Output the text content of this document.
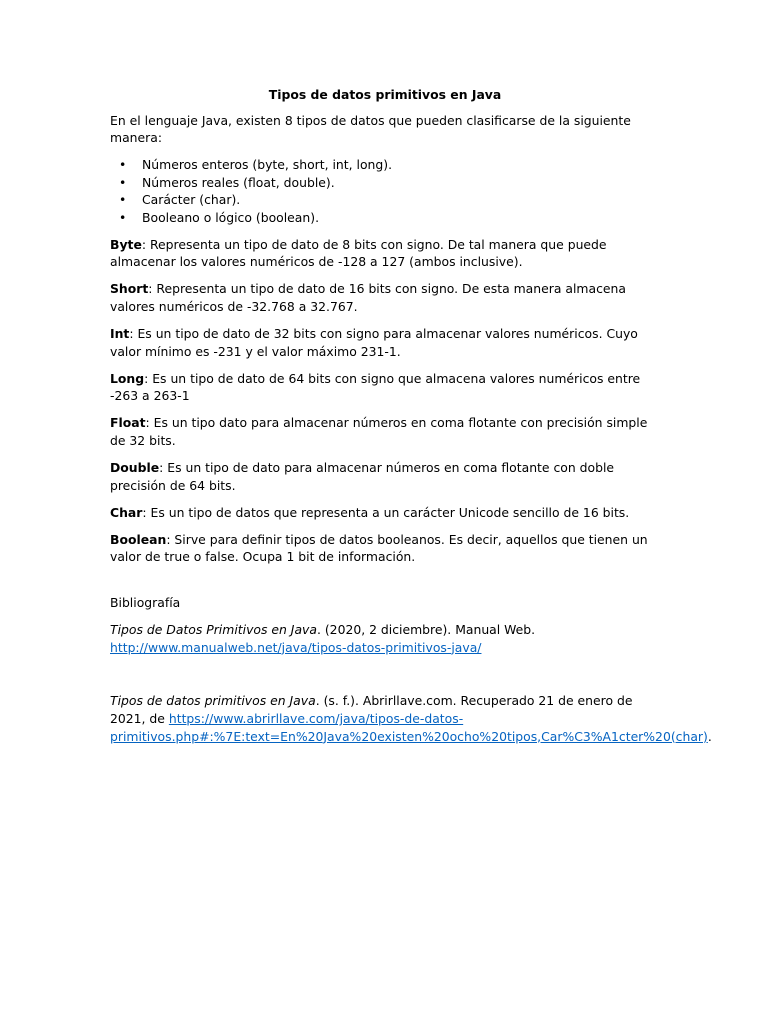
Tipos de datos primitivos en Java

En el lenguaje Java, existen 8 tipos de datos que pueden clasificarse de la siguiente manera:

• Números enteros (byte, short, int, long).
• Números reales (float, double).
• Carácter (char).
• Booleano o lógico (boolean).

Byte: Representa un tipo de dato de 8 bits con signo. De tal manera que puede almacenar los valores numéricos de -128 a 127 (ambos inclusive).

Short: Representa un tipo de dato de 16 bits con signo. De esta manera almacena valores numéricos de -32.768 a 32.767.

Int: Es un tipo de dato de 32 bits con signo para almacenar valores numéricos. Cuyo valor mínimo es -231 y el valor máximo 231-1.

Long: Es un tipo de dato de 64 bits con signo que almacena valores numéricos entre -263 a 263-1

Float: Es un tipo dato para almacenar números en coma flotante con precisión simple de 32 bits.

Double: Es un tipo de dato para almacenar números en coma flotante con doble precisión de 64 bits.

Char: Es un tipo de datos que representa a un carácter Unicode sencillo de 16 bits.

Boolean: Sirve para definir tipos de datos booleanos. Es decir, aquellos que tienen un valor de true o false. Ocupa 1 bit de información.

Bibliografía

Tipos de Datos Primitivos en Java. (2020, 2 diciembre). Manual Web.
http://www.manualweb.net/java/tipos-datos-primitivos-java/

Tipos de datos primitivos en Java. (s. f.). Abrirllave.com. Recuperado 21 de enero de 2021, de https://www.abrirllave.com/java/tipos-de-datos-primitivos.php#:%7E:text=En%20Java%20existen%20ocho%20tipos,Car%C3%A1cter%20(char).
